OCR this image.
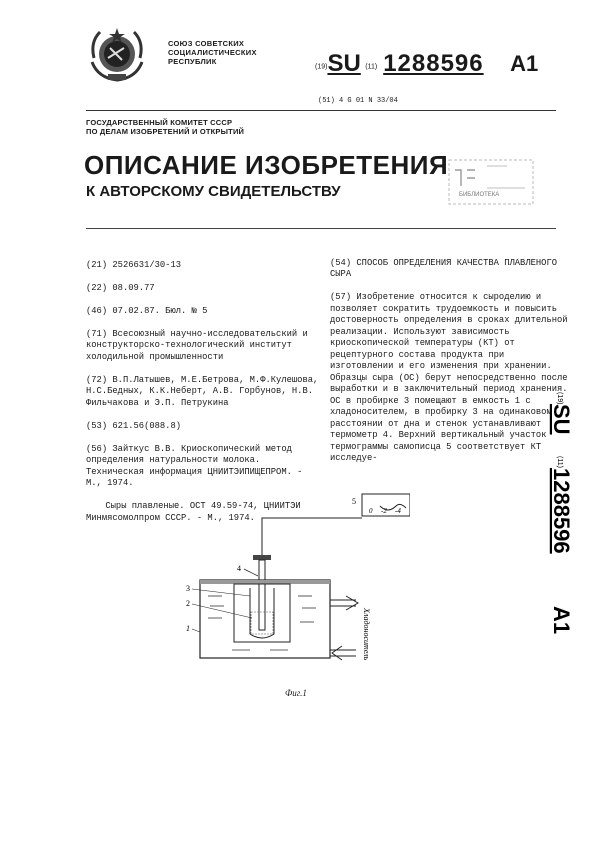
СОЮЗ СОВЕТСКИХ
СОЦИАЛИСТИЧЕСКИХ
РЕСПУБЛИК
(19)SU (11) 1288596 A1
(51) 4 G 01 N 33/04
ГОСУДАРСТВЕННЫЙ КОМИТЕТ СССР
ПО ДЕЛАМ ИЗОБРЕТЕНИЙ И ОТКРЫТИЙ
ОПИСАНИЕ ИЗОБРЕТЕНИЯ
К АВТОРСКОМУ СВИДЕТЕЛЬСТВУ	БИБЛИОТЕКА

(21) 2526631/30-13

(22) 08.09.77

(46) 07.02.87. Бюл. № 5

(71) Всесоюзный научно-исследовательский и конструкторско-технологический институт холодильной промышленности

(72) В.П.Латышев, М.Е.Бетрова, М.Ф.Кулешова, Н.С.Бедных, К.К.Неберт, А.В. Горбунов, Н.В. Фильчакова и Э.П. Петрукина

(53) 621.56(088.8)

(56) Зайткус В.В. Криоскопический метод определения натуральности молока. Техническая информация ЦНИИТЭИПИЩЕПРОМ. - М., 1974.

Сыры плавленые. ОСТ 49.59-74, ЦНИИТЭИ Минмясомолпром СССР. - М., 1974.

(54) СПОСОБ ОПРЕДЕЛЕНИЯ КАЧЕСТВА ПЛАВЛЕНОГО СЫРА

(57) Изобретение относится к сыроделию и позволяет сократить трудоемкость и повысить достоверность определения в сроках длительной реализации. Используют зависимость криоскопической температуры (КТ) от рецептурного состава продукта при изготовлении и его изменения при хранении. Образцы сыра (ОС) берут непосредственно после выработки и в заключительный период хранения. ОС в пробирке 3 помещают в емкость 1 с хладоносителем, в пробирку 3 на одинаковом расстоянии от дна и стенок устанавливают термометр 4. Верхний вертикальный участок термограммы самописца 5 соответствует КТ исследуе-

(19)
SU
(11)
1288596
A1
5
0 -2 -4
4
3
2
1	Хладоноситель
Фиг.1
